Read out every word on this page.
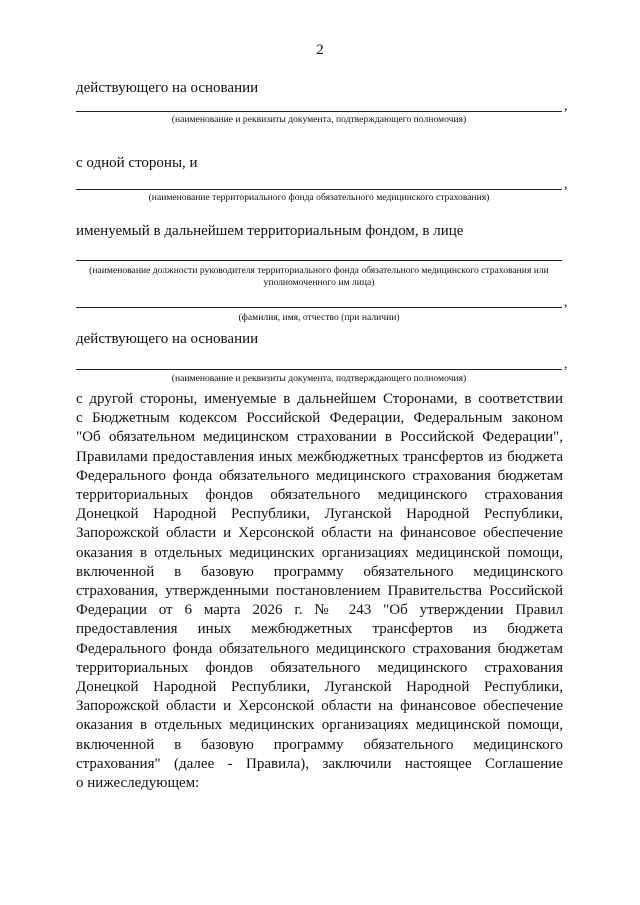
2
действующего на основании
,
(наименование и реквизиты документа, подтверждающего полномочия)
с одной стороны, и
,
(наименование территориального фонда обязательного медицинского страхования)
именуемый в дальнейшем территориальным фондом, в лице
(наименование должности руководителя территориального фонда обязательного медицинского страхования или уполномоченного им лица)
,
(фамилия, имя, отчество (при наличии)
действующего на основании
,
(наименование и реквизиты документа, подтверждающего полномочия)
с другой стороны, именуемые в дальнейшем Сторонами, в соответствии
с Бюджетным кодексом Российской Федерации, Федеральным законом
"Об обязательном медицинском страховании в Российской Федерации",
Правилами предоставления иных межбюджетных трансфертов из бюджета
Федерального фонда обязательного медицинского страхования бюджетам
территориальных фондов обязательного медицинского страхования
Донецкой Народной Республики, Луганской Народной Республики,
Запорожской области и Херсонской области на финансовое обеспечение
оказания в отдельных медицинских организациях медицинской помощи,
включенной в базовую программу обязательного медицинского
страхования, утвержденными постановлением Правительства Российской
Федерации от 6 марта 2026 г. № 243 "Об утверждении Правил
предоставления иных межбюджетных трансфертов из бюджета
Федерального фонда обязательного медицинского страхования бюджетам
территориальных фондов обязательного медицинского страхования
Донецкой Народной Республики, Луганской Народной Республики,
Запорожской области и Херсонской области на финансовое обеспечение
оказания в отдельных медицинских организациях медицинской помощи,
включенной в базовую программу обязательного медицинского
страхования" (далее - Правила), заключили настоящее Соглашение
о нижеследующем:
